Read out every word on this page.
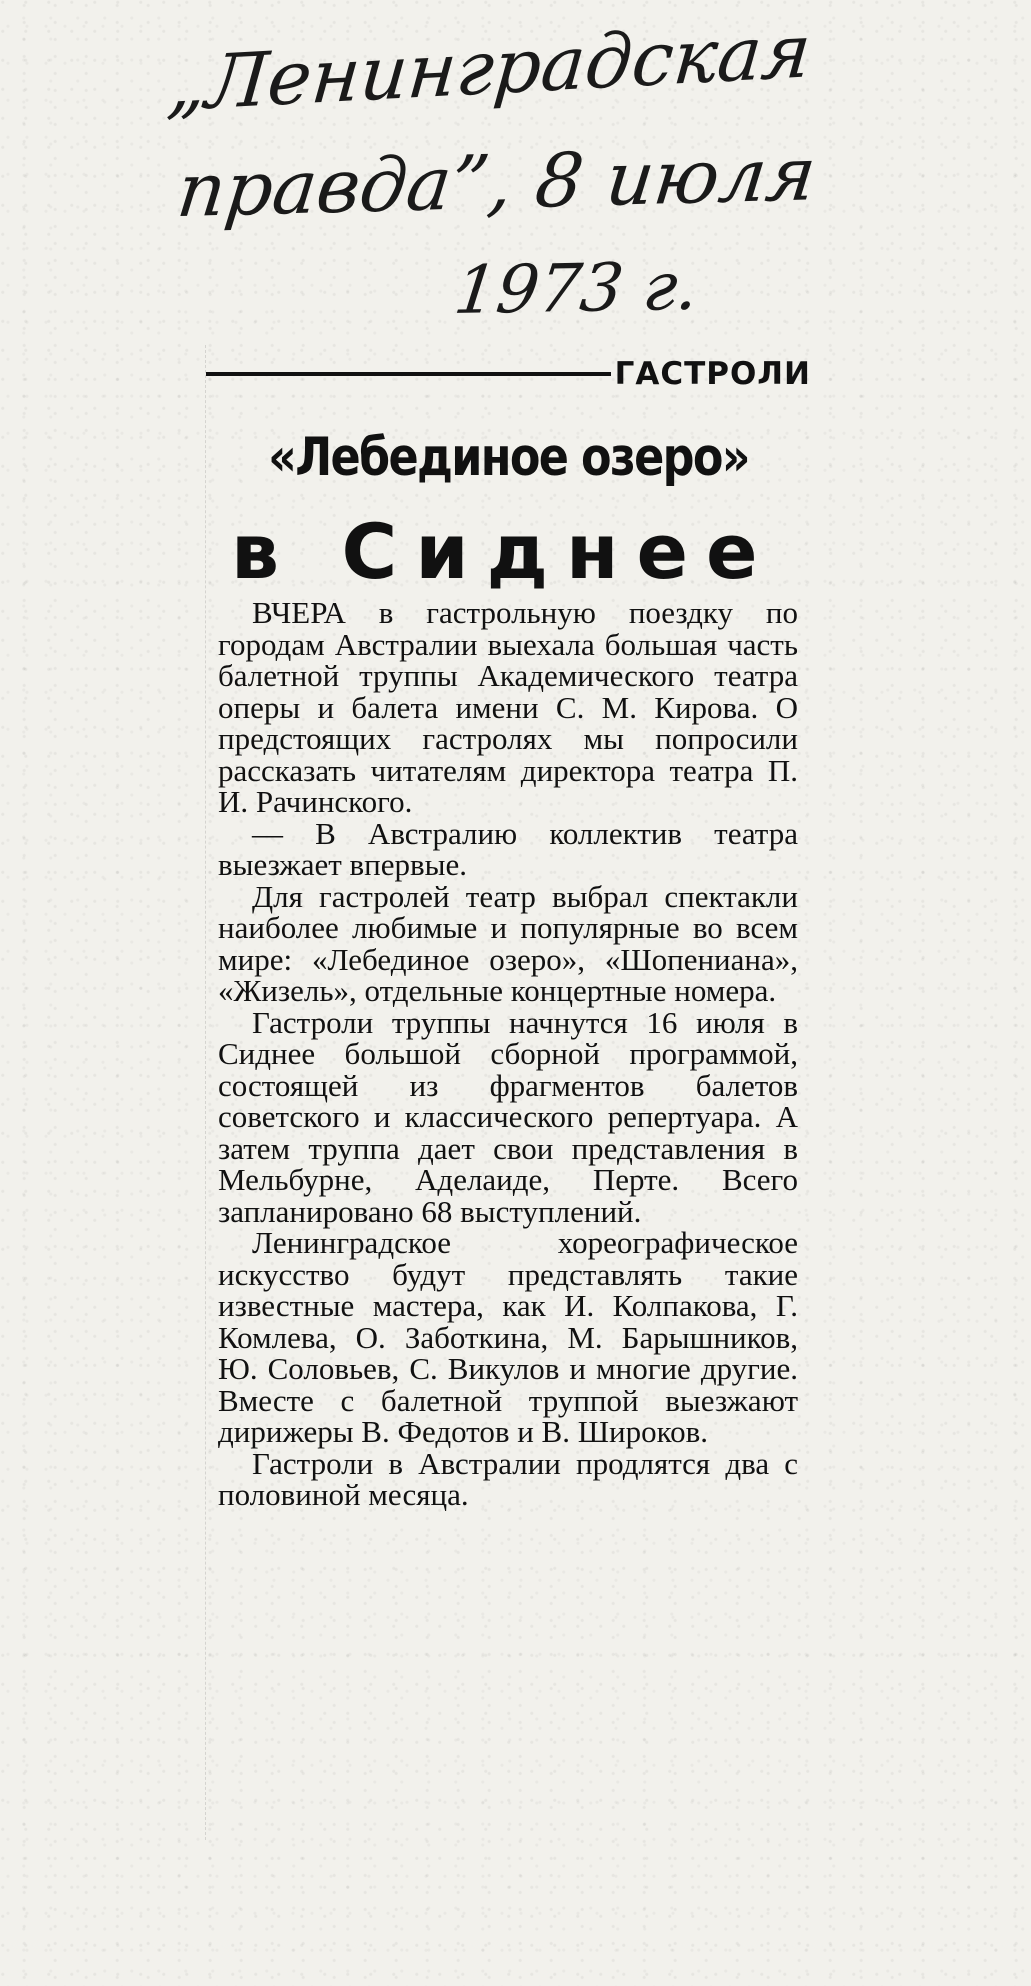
„Ленинградская
правда”, 8 июля
1973 г.
ГАСТРОЛИ
«Лебединое озеро»
в Сиднее

ВЧЕРА в гастрольную поездку по городам Австралии выехала большая часть балетной труппы Академического театра оперы и балета имени С. М. Кирова. О предстоящих гастролях мы попросили рассказать читателям директора театра П. И. Рачинского.

— В Австралию коллектив театра выезжает впервые.

Для гастролей театр выбрал спектакли наиболее любимые и популярные во всем мире: «Лебединое озеро», «Шопениана», «Жизель», отдельные концертные номера.

Гастроли труппы начнутся 16 июля в Сиднее большой сборной программой, состоящей из фрагментов балетов советского и классического репертуара. А затем труппа дает свои представления в Мельбурне, Аделаиде, Перте. Всего запланировано 68 выступлений.

Ленинградское хореографическое искусство будут представлять такие известные мастера, как И. Колпакова, Г. Комлева, О. Заботкина, М. Барышников, Ю. Соловьев, С. Викулов и многие другие. Вместе с балетной труппой выезжают дирижеры В. Федотов и В. Широков.

Гастроли в Австралии продлятся два с половиной месяца.
